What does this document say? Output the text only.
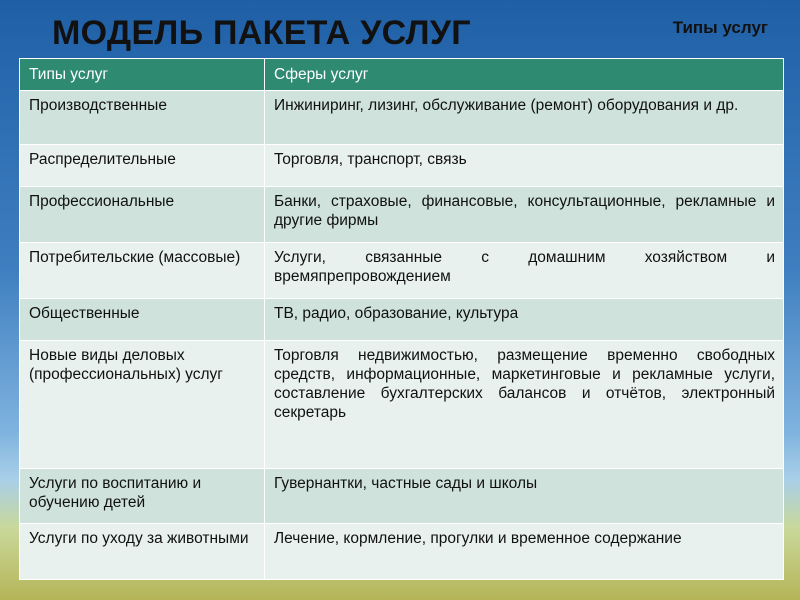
МОДЕЛЬ ПАКЕТА УСЛУГ	Типы услуг
Типы услуг	Сферы услуг
Производственные	Инжиниринг, лизинг, обслуживание (ремонт) оборудования и др.
Распределительные	Торговля, транспорт, связь
Профессиональные	Банки, страховые, финансовые, консультационные, рекламные и другие фирмы
Потребительские (массовые)	Услуги, связанные с домашним хозяйством и времяпрепровождением
Общественные	ТВ, радио, образование, культура
Новые виды деловых (профессиональных) услуг	Торговля недвижимостью, размещение временно свободных средств, информационные, маркетинговые и рекламные услуги, составление бухгалтерских балансов и отчётов, электронный секретарь
Услуги по воспитанию и обучению детей	Гувернантки, частные сады и школы
Услуги по уходу за животными	Лечение, кормление, прогулки и временное содержание
